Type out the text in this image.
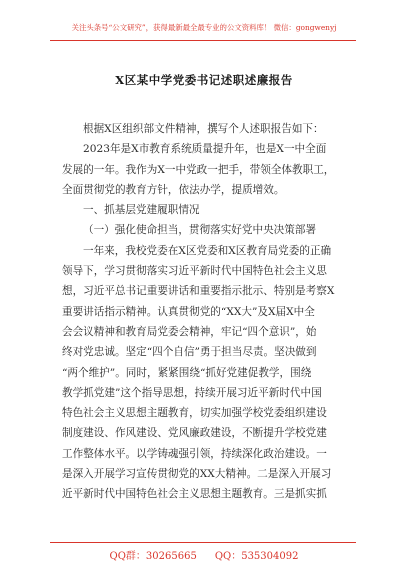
关注头条号“公文研究”，获得最新最全最专业的公文资料库！ 微信：gongwenyj
X区某中学党委书记述职述廉报告
根据X区组织部文件精神，撰写个人述职报告如下：
2023年是X市教育系统质量提升年，也是X一中全面
发展的一年。我作为X一中党政一把手，带领全体教职工，
全面贯彻党的教育方针，依法办学，提质增效。
一、抓基层党建履职情况
（一）强化使命担当，贯彻落实好党中央决策部署
一年来，我校党委在X区党委和X区教育局党委的正确
领导下，学习贯彻落实习近平新时代中国特色社会主义思
想，习近平总书记重要讲话和重要指示批示、特别是考察X
重要讲话指示精神。认真贯彻党的“XX大”及X届X中全
会会议精神和教育局党委会精神，牢记“四个意识”，始
终对党忠诚。坚定“四个自信”勇于担当尽责。坚决做到
“两个维护”。同时，紧紧围绕“抓好党建促教学，围绕
教学抓党建”这个指导思想，持续开展习近平新时代中国
特色社会主义思想主题教育，切实加强学校党委组织建设
制度建设、作风建设、党风廉政建设，不断提升学校党建
工作整体水平。以学铸魂强引领，持续深化政治建设。一
是深入开展学习宣传贯彻党的XX大精神。二是深入开展习
近平新时代中国特色社会主义思想主题教育。三是抓实抓
QQ群：30265665 QQ：535304092
